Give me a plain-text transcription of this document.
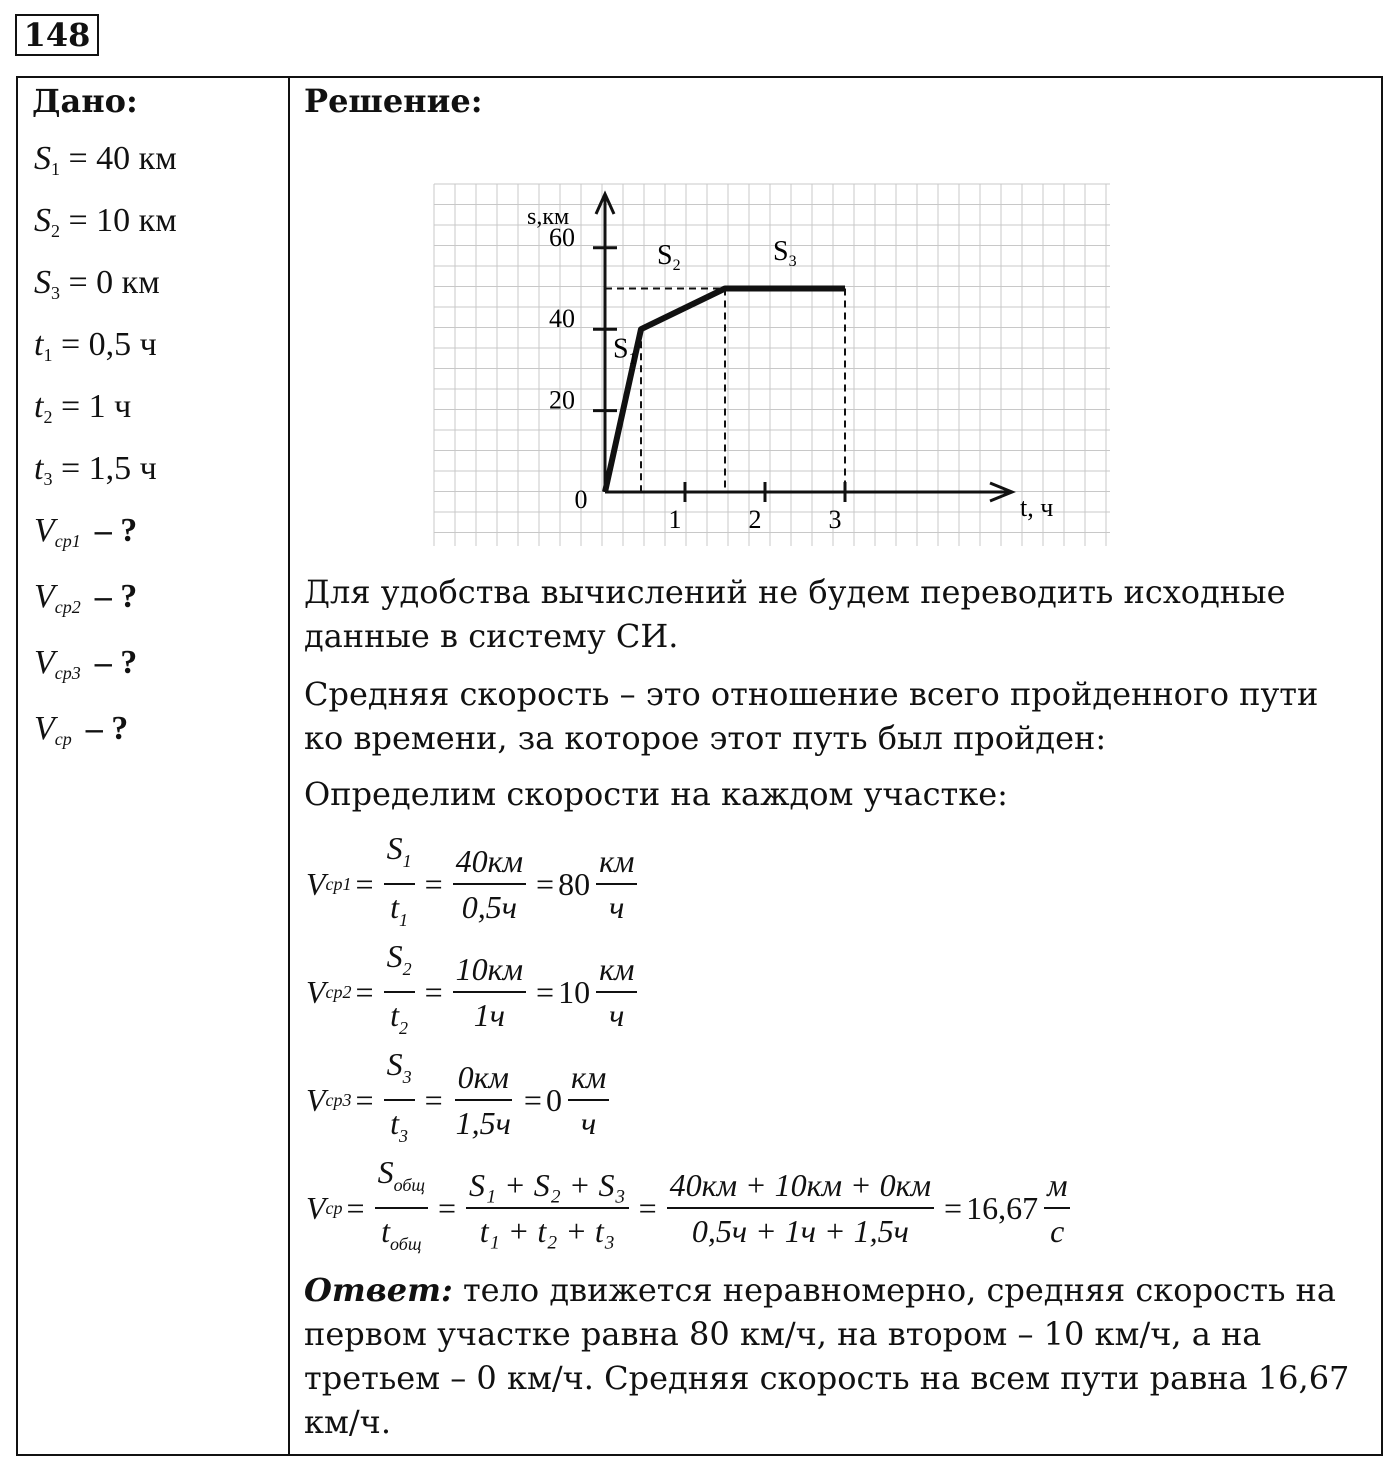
148
Дано:
$S_1 = 40$ км
$S_2 = 10$ км
$S_3 = 0$ км
$t_1 = 0,5$ ч
$t_2 = 1$ ч
$t_3 = 1,5$ ч
$V_{ср1}$ – ?
$V_{ср2}$ – ?
$V_{ср3}$ – ?
$V_{ср}$ – ?
Решение:
20
40
60
1	2	3
0
s,км
t, ч
$S_1$
$S_2$	$S_3$
Для удобства вычислений не будем переводить исходные данные в систему СИ.
Средняя скорость – это отношение всего пройденного пути ко времени, за которое этот путь был пройден:
Определим скорости на каждом участке:
V $ср1 = \frac{S_1}{t_1} = \frac{40км}{0,5ч} = 80 \frac{км}{ч}$
V $ср2 = \frac{S_2}{t_2} = \frac{10км}{1ч} = 10 \frac{км}{ч}$
V $ср3 = \frac{S_3}{t_3} = \frac{0км}{1,5ч} = 0 \frac{км}{ч}$
V ср = $\frac{S_{общ}}{t_{общ}} = \frac{\text{S₁ + S₂ + S₃}}{\text{t₁ + t₂ + t₃}} = \frac{40км + 10км + 0км}{0,5ч + 1ч + 1,5ч} = 16,67 \frac{м}{с}$
Ответ: тело движется неравномерно, средняя скорость на первом участке равна 80 км/ч, на втором – 10 км/ч, а на третьем – 0 км/ч. Средняя скорость на всем пути равна 16,67 км/ч.
